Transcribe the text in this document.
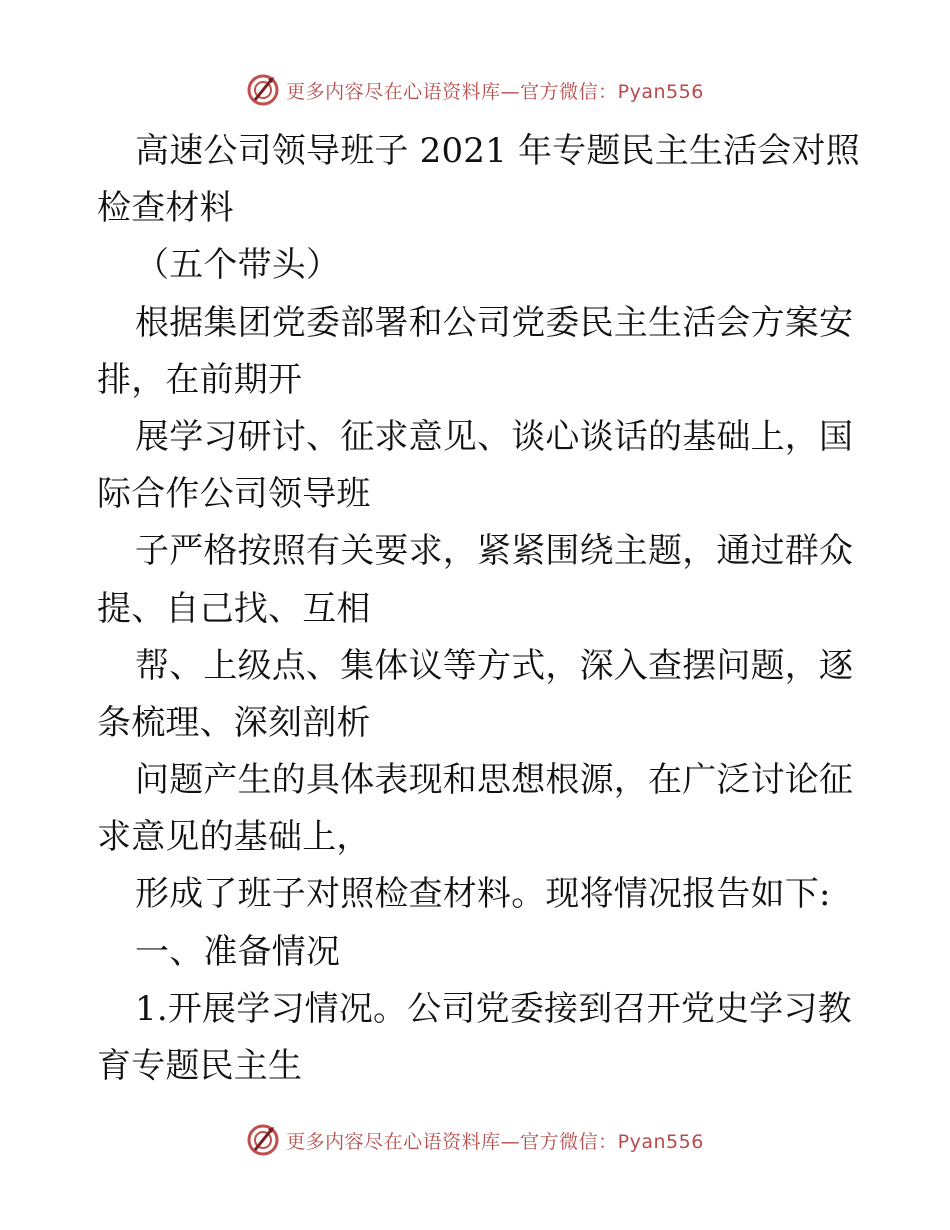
更多内容尽在心语资料库—官方微信：Pyan556
高速公司领导班子 2021 年专题民主生活会对照
检查材料
（五个带头）
根据集团党委部署和公司党委民主生活会方案安
排，在前期开
展学习研讨、征求意见、谈心谈话的基础上，国
际合作公司领导班
子严格按照有关要求，紧紧围绕主题，通过群众
提、自己找、互相
帮、上级点、集体议等方式，深入查摆问题，逐
条梳理、深刻剖析
问题产生的具体表现和思想根源，在广泛讨论征
求意见的基础上，
形成了班子对照检查材料。现将情况报告如下:
一、准备情况
1.开展学习情况。公司党委接到召开党史学习教
育专题民主生
更多内容尽在心语资料库—官方微信：Pyan556
